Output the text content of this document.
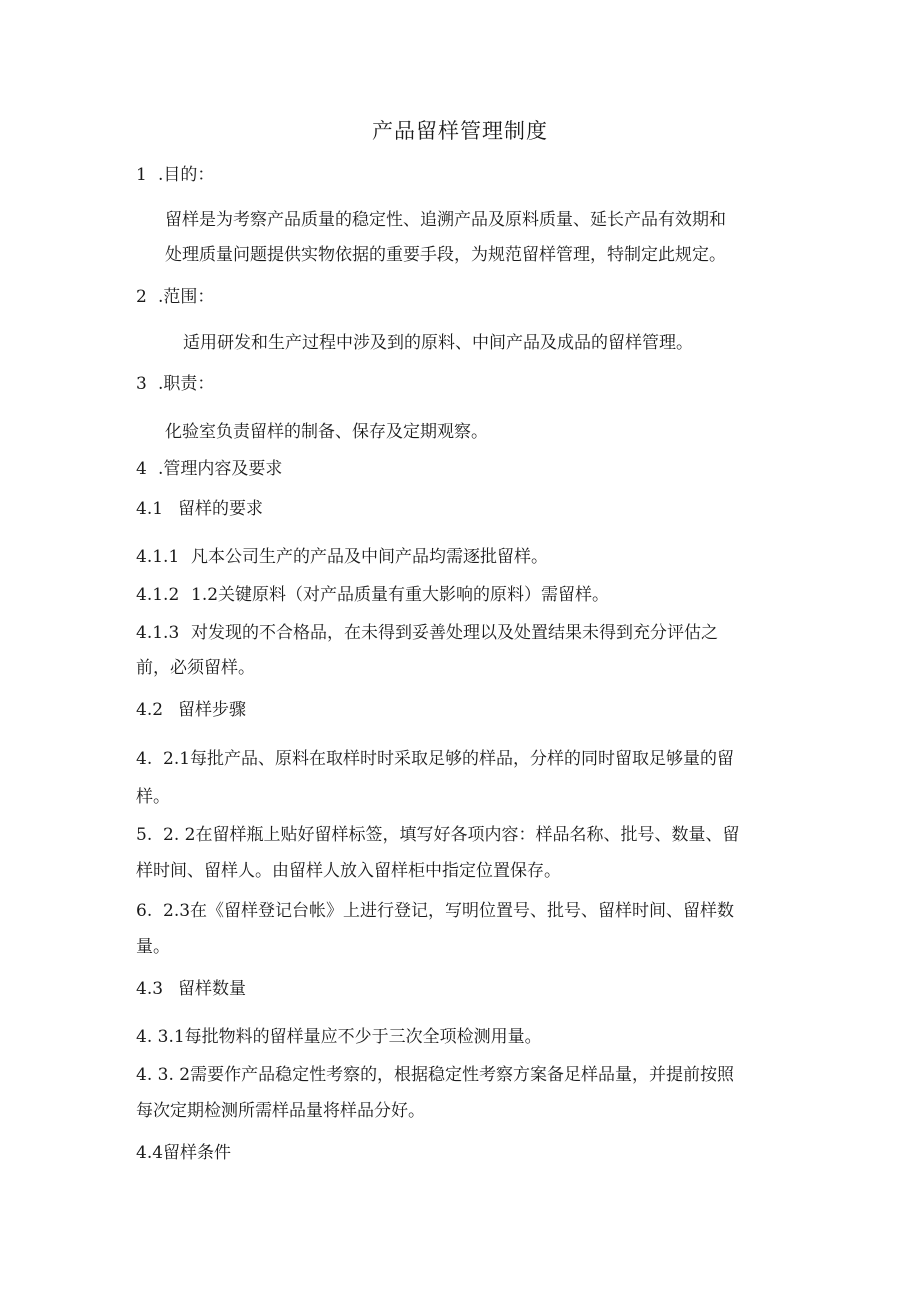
产品留样管理制度
1 .目的：
留样是为考察产品质量的稳定性、追溯产品及原料质量、延长产品有效期和
处理质量问题提供实物依据的重要手段，为规范留样管理，特制定此规定。
2 .范围：
适用研发和生产过程中涉及到的原料、中间产品及成品的留样管理。
3 .职责：
化验室负责留样的制备、保存及定期观察。
4 .管理内容及要求
4.1 留样的要求
4.1.1 凡本公司生产的产品及中间产品均需逐批留样。
4.1.2 1.2关键原料（对产品质量有重大影响的原料）需留样。
4.1.3 对发现的不合格品，在未得到妥善处理以及处置结果未得到充分评估之
前，必须留样。
4.2 留样步骤
4. 2.1每批产品、原料在取样时时采取足够的样品，分样的同时留取足够量的留
样。
5. 2. 2在留样瓶上贴好留样标签，填写好各项内容：样品名称、批号、数量、留
样时间、留样人。由留样人放入留样柜中指定位置保存。
6. 2.3在《留样登记台帐》上进行登记，写明位置号、批号、留样时间、留样数
量。
4.3 留样数量
4. 3.1每批物料的留样量应不少于三次全项检测用量。
4. 3. 2需要作产品稳定性考察的，根据稳定性考察方案备足样品量，并提前按照
每次定期检测所需样品量将样品分好。
4.4留样条件
